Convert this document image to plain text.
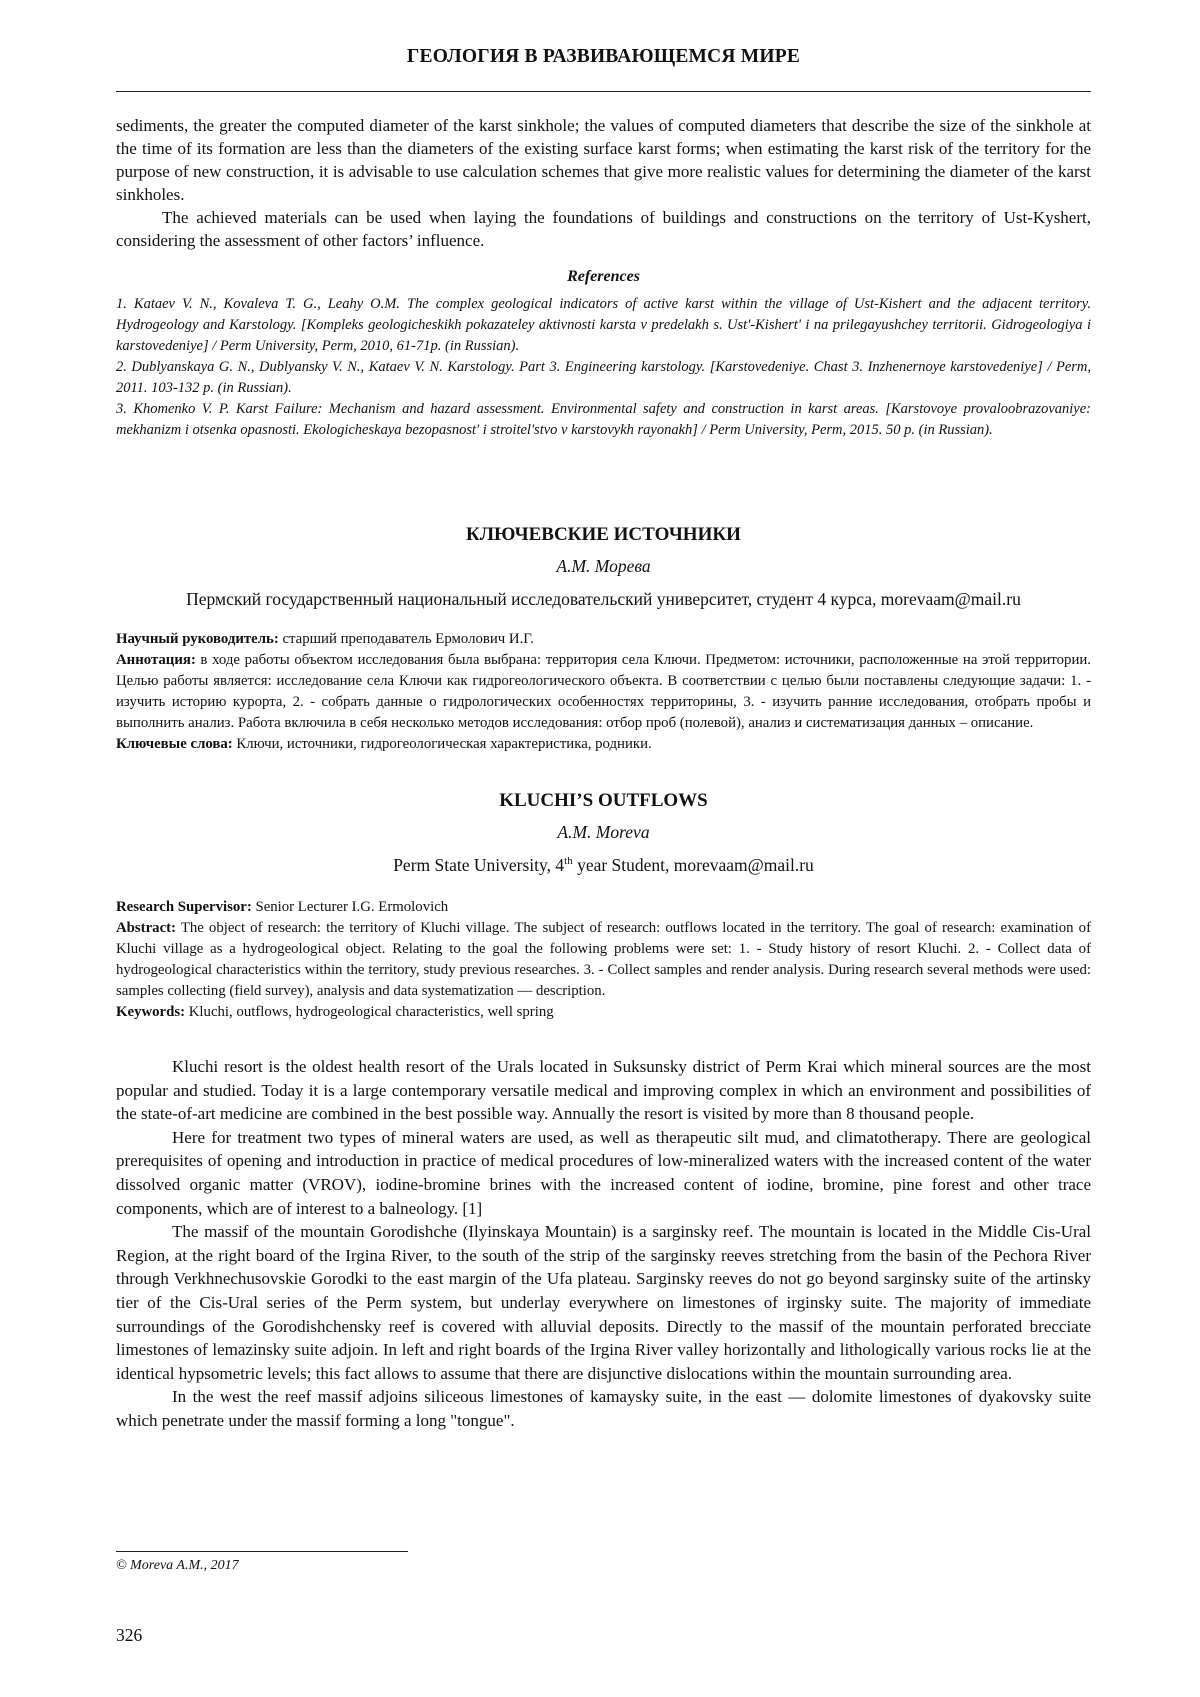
ГЕОЛОГИЯ В РАЗВИВАЮЩЕМСЯ МИРЕ

sediments, the greater the computed diameter of the karst sinkhole; the values of computed diameters that describe the size of the sinkhole at the time of its formation are less than the diameters of the existing surface karst forms; when estimating the karst risk of the territory for the purpose of new construction, it is advisable to use calculation schemes that give more realistic values for determining the diameter of the karst sinkholes.

The achieved materials can be used when laying the foundations of buildings and constructions on the territory of Ust-Kyshert, considering the assessment of other factors’ influence.

References

1. Kataev V. N., Kovaleva T. G., Leahy O.M. The complex geological indicators of active karst within the village of Ust-Kishert and the adjacent territory. Hydrogeology and Karstology. [Kompleks geologicheskikh pokazateley aktivnosti karsta v predelakh s. Ust'-Kishert' i na prilegayushchey territorii. Gidrogeologiya i karstovedeniye] / Perm University, Perm, 2010, 61-71p. (in Russian).

2. Dublyanskaya G. N., Dublyansky V. N., Kataev V. N. Karstology. Part 3. Engineering karstology. [Karstovedeniye. Chast 3. Inzhenernoye karstovedeniye] / Perm, 2011. 103-132 p. (in Russian).

3. Khomenko V. P. Karst Failure: Mechanism and hazard assessment. Environmental safety and construction in karst areas. [Karstovoye provaloobrazovaniye: mekhanizm i otsenka opasnosti. Ekologicheskaya bezopasnost' i stroitel'stvo v karstovykh rayonakh] / Perm University, Perm, 2015. 50 p. (in Russian).

КЛЮЧЕВСКИЕ ИСТОЧНИКИ
А.М. Морева
Пермский государственный национальный исследовательский университет, студент 4 курса, morevaam@mail.ru

Научный руководитель: старший преподаватель Ермолович И.Г.

Аннотация: в ходе работы объектом исследования была выбрана: территория села Ключи. Предметом: источники, расположенные на этой территории. Целью работы является: исследование села Ключи как гидрогеологического объекта. В соответствии с целью были поставлены следующие задачи: 1. - изучить историю курорта, 2. - собрать данные о гидрологических особенностях территорины, 3. - изучить ранние исследования, отобрать пробы и выполнить анализ. Работа включила в себя несколько методов исследования: отбор проб (полевой), анализ и систематизация данных – описание.

Ключевые слова: Ключи, источники, гидрогеологическая характеристика, родники.

KLUCHI’S OUTFLOWS
A.M. Moreva
Perm State University, 4th year Student, morevaam@mail.ru

Research Supervisor: Senior Lecturer I.G. Ermolovich

Abstract: The object of research: the territory of Kluchi village. The subject of research: outflows located in the territory. The goal of research: examination of Kluchi village as a hydrogeological object. Relating to the goal the following problems were set: 1. - Study history of resort Kluchi. 2. - Collect data of hydrogeological characteristics within the territory, study previous researches. 3. - Collect samples and render analysis. During research several methods were used: samples collecting (field survey), analysis and data systematization — description.

Keywords: Kluchi, outflows, hydrogeological characteristics, well spring

Kluchi resort is the oldest health resort of the Urals located in Suksunsky district of Perm Krai which mineral sources are the most popular and studied. Today it is a large contemporary versatile medical and improving complex in which an environment and possibilities of the state-of-art medicine are combined in the best possible way. Annually the resort is visited by more than 8 thousand people.

Here for treatment two types of mineral waters are used, as well as therapeutic silt mud, and climatotherapy. There are geological prerequisites of opening and introduction in practice of medical procedures of low-mineralized waters with the increased content of the water dissolved organic matter (VROV), iodine-bromine brines with the increased content of iodine, bromine, pine forest and other trace components, which are of interest to a balneology. [1]

The massif of the mountain Gorodishche (Ilyinskaya Mountain) is a sarginsky reef. The mountain is located in the Middle Cis-Ural Region, at the right board of the Irgina River, to the south of the strip of the sarginsky reeves stretching from the basin of the Pechora River through Verkhnechusovskie Gorodki to the east margin of the Ufa plateau. Sarginsky reeves do not go beyond sarginsky suite of the artinsky tier of the Cis-Ural series of the Perm system, but underlay everywhere on limestones of irginsky suite. The majority of immediate surroundings of the Gorodishchensky reef is covered with alluvial deposits. Directly to the massif of the mountain perforated brecciate limestones of lemazinsky suite adjoin. In left and right boards of the Irgina River valley horizontally and lithologically various rocks lie at the identical hypsometric levels; this fact allows to assume that there are disjunctive dislocations within the mountain surrounding area.

In the west the reef massif adjoins siliceous limestones of kamaysky suite, in the east — dolomite limestones of dyakovsky suite which penetrate under the massif forming a long "tongue".

© Moreva A.M., 2017
326
